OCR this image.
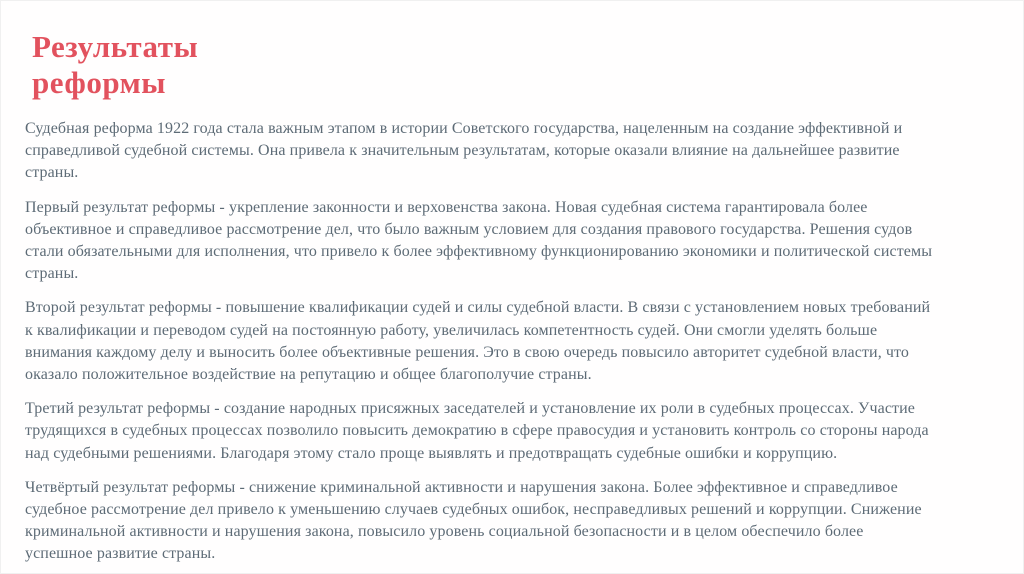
Результаты
реформы

Судебная реформа 1922 года стала важным этапом в истории Советского государства, нацеленным на создание эффективной и справедливой судебной системы. Она привела к значительным результатам, которые оказали влияние на дальнейшее развитие страны.

Первый результат реформы - укрепление законности и верховенства закона. Новая судебная система гарантировала более объективное и справедливое рассмотрение дел, что было важным условием для создания правового государства. Решения судов стали обязательными для исполнения, что привело к более эффективному функционированию экономики и политической системы страны.

Второй результат реформы - повышение квалификации судей и силы судебной власти. В связи с установлением новых требований к квалификации и переводом судей на постоянную работу, увеличилась компетентность судей. Они смогли уделять больше внимания каждому делу и выносить более объективные решения. Это в свою очередь повысило авторитет судебной власти, что оказало положительное воздействие на репутацию и общее благополучие страны.

Третий результат реформы - создание народных присяжных заседателей и установление их роли в судебных процессах. Участие трудящихся в судебных процессах позволило повысить демократию в сфере правосудия и установить контроль со стороны народа над судебными решениями. Благодаря этому стало проще выявлять и предотвращать судебные ошибки и коррупцию.

Четвёртый результат реформы - снижение криминальной активности и нарушения закона. Более эффективное и справедливое судебное рассмотрение дел привело к уменьшению случаев судебных ошибок, несправедливых решений и коррупции. Снижение криминальной активности и нарушения закона, повысило уровень социальной безопасности и в целом обеспечило более успешное развитие страны.
